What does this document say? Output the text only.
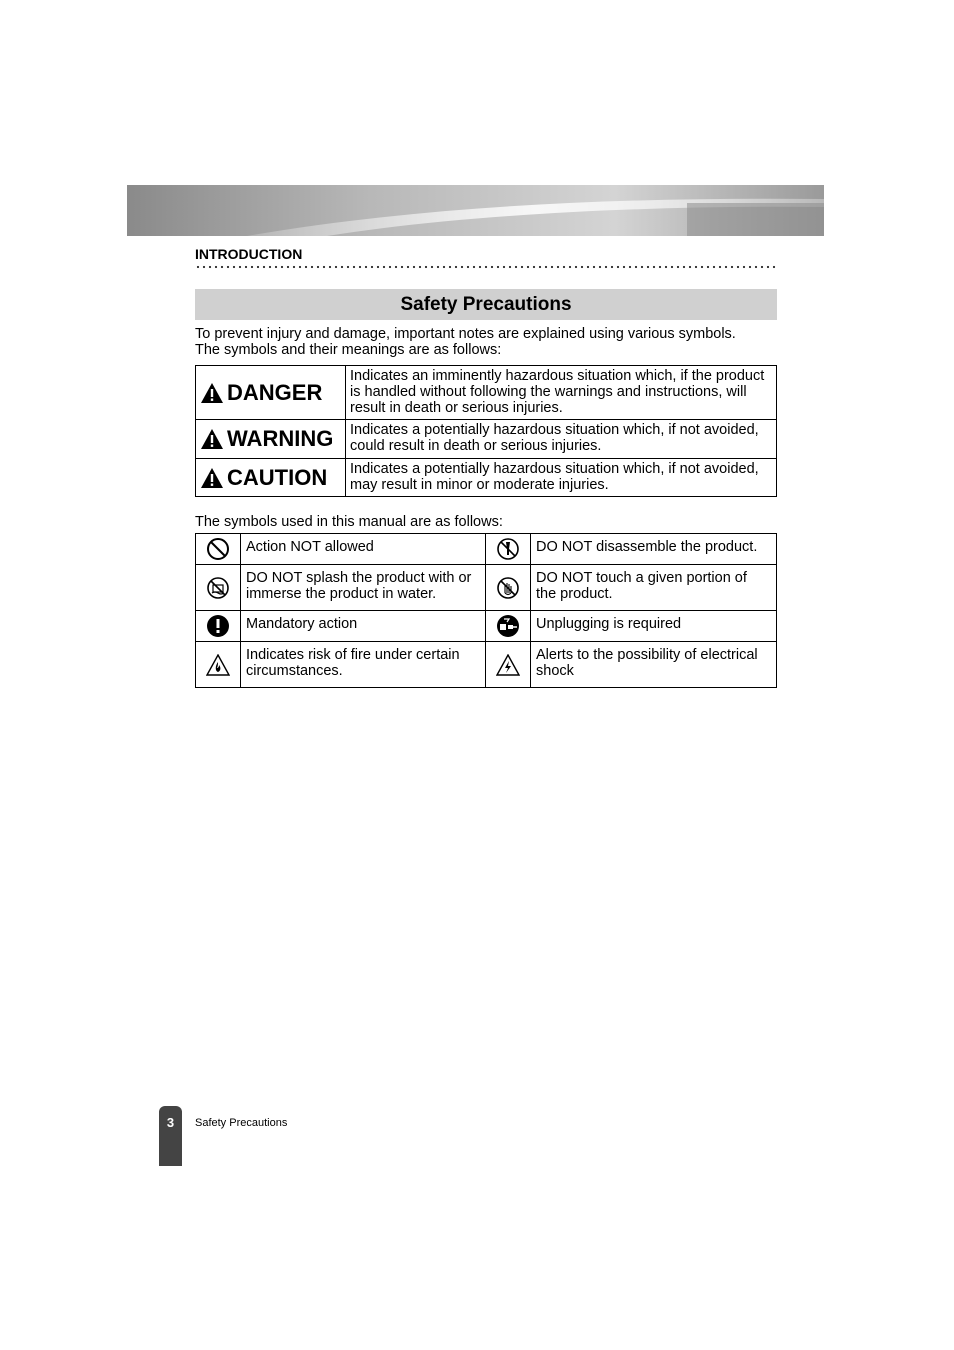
INTRODUCTION
Safety Precautions
To prevent injury and damage, important notes are explained using various symbols.
The symbols and their meanings are as follows:
DANGER	Indicates an imminently hazardous situation which, if the product is handled without following the warnings and instructions, will result in death or serious injuries.

WARNING	Indicates a potentially hazardous situation which, if not avoided, could result in death or serious injuries.

CAUTION	Indicates a potentially hazardous situation which, if not avoided, may result in minor or moderate injuries.
The symbols used in this manual are as follows:
	Action NOT allowed		DO NOT disassemble the product.

	DO NOT splash the product with or immerse the product in water.		DO NOT touch a given portion of the product.

	Mandatory action		Unplugging is required

	Indicates risk of fire under certain circumstances.		Alerts to the possibility of electrical shock
3	Safety Precautions
